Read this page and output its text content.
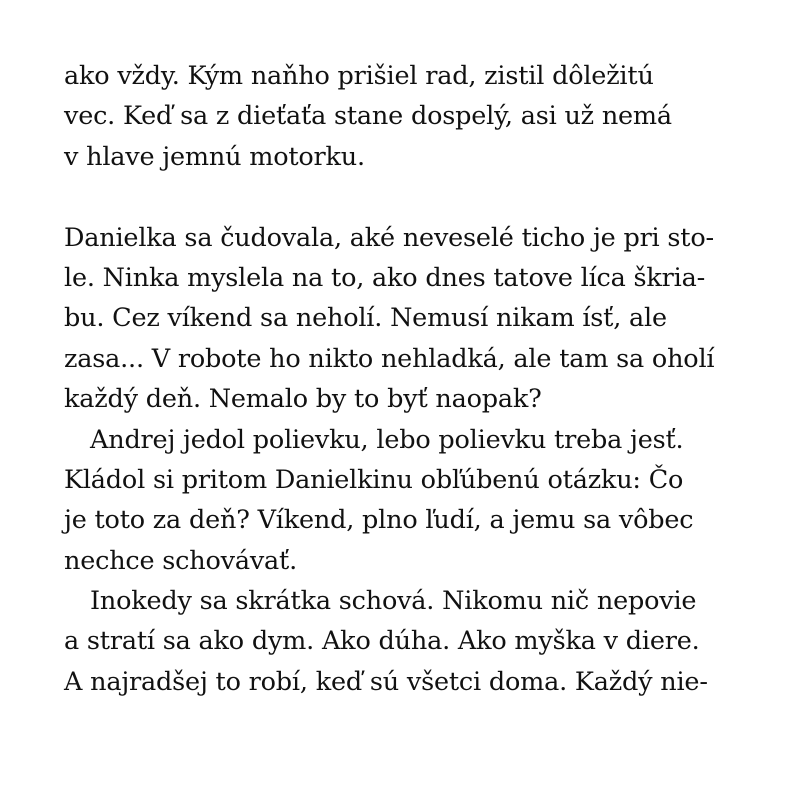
ako vždy. Kým naňho prišiel rad, zistil dôležitú
vec. Keď sa z dieťaťa stane dospelý, asi už nemá
v hlave jemnú motorku.
Danielka sa čudovala, aké neveselé ticho je pri sto-
le. Ninka myslela na to, ako dnes tatove líca škria-
bu. Cez víkend sa neholí. Nemusí nikam ísť, ale
zasa... V robote ho nikto nehladká, ale tam sa oholí
každý deň. Nemalo by to byť naopak?
Andrej jedol polievku, lebo polievku treba jesť.
Kládol si pritom Danielkinu obľúbenú otázku: Čo
je toto za deň? Víkend, plno ľudí, a jemu sa vôbec
nechce schovávať.
Inokedy sa skrátka schová. Nikomu nič nepovie
a stratí sa ako dym. Ako dúha. Ako myška v diere.
A najradšej to robí, keď sú všetci doma. Každý nie-
